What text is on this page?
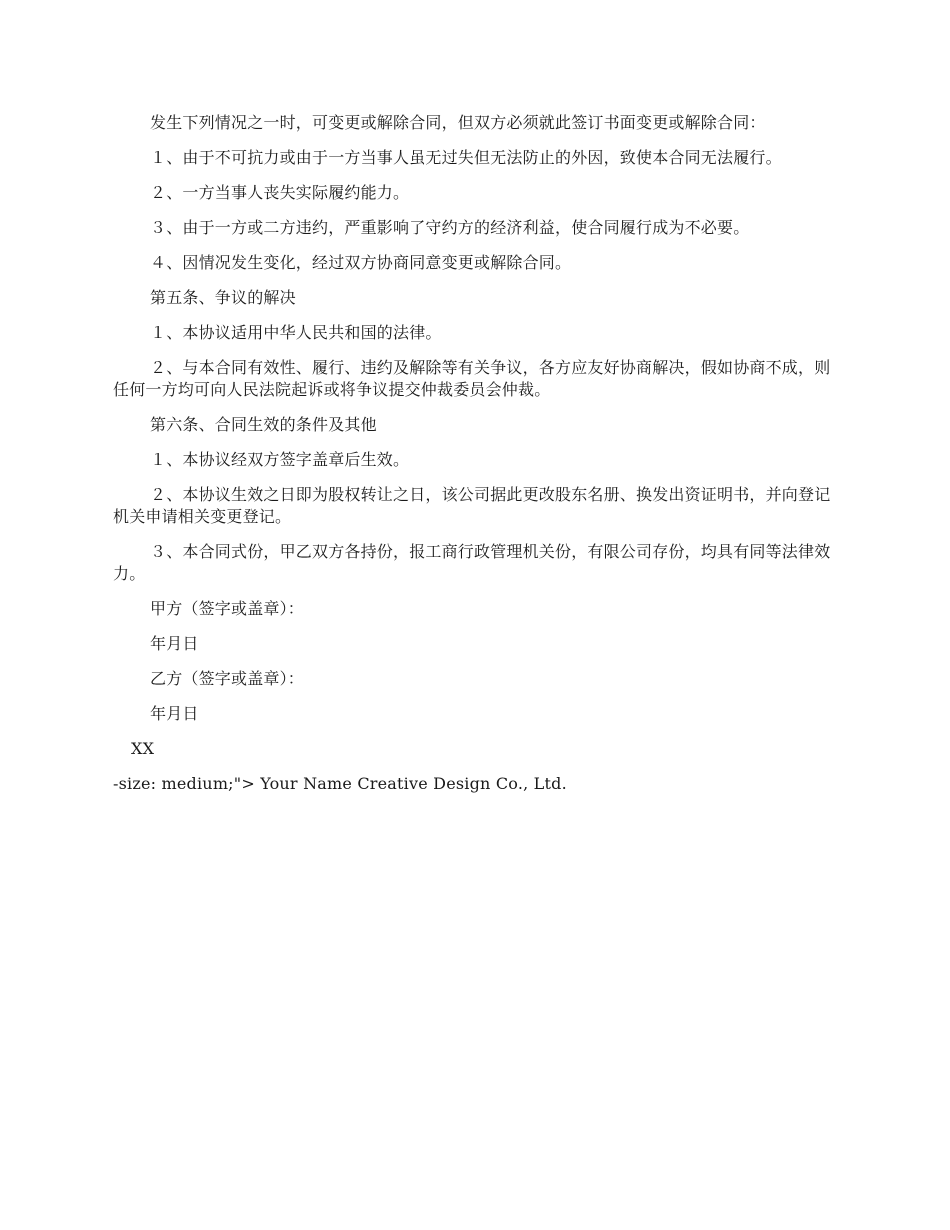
发生下列情况之一时，可变更或解除合同，但双方必须就此签订书面变更或解除合同：

１、由于不可抗力或由于一方当事人虽无过失但无法防止的外因，致使本合同无法履行。

２、一方当事人丧失实际履约能力。

３、由于一方或二方违约，严重影响了守约方的经济利益，使合同履行成为不必要。

４、因情况发生变化，经过双方协商同意变更或解除合同。

第五条、争议的解决

１、本协议适用中华人民共和国的法律。

２、与本合同有效性、履行、违约及解除等有关争议，各方应友好协商解决，假如协商不成，则任何一方均可向人民法院起诉或将争议提交仲裁委员会仲裁。

第六条、合同生效的条件及其他

１、本协议经双方签字盖章后生效。

２、本协议生效之日即为股权转让之日，该公司据此更改股东名册、换发出资证明书，并向登记机关申请相关变更登记。

３、本合同式份，甲乙双方各持份，报工商行政管理机关份，有限公司存份，均具有同等法律效力。

甲方（签字或盖章）：

年月日

乙方（签字或盖章）：

年月日

XX

-size: medium;"> Your Name Creative Design Co., Ltd.
